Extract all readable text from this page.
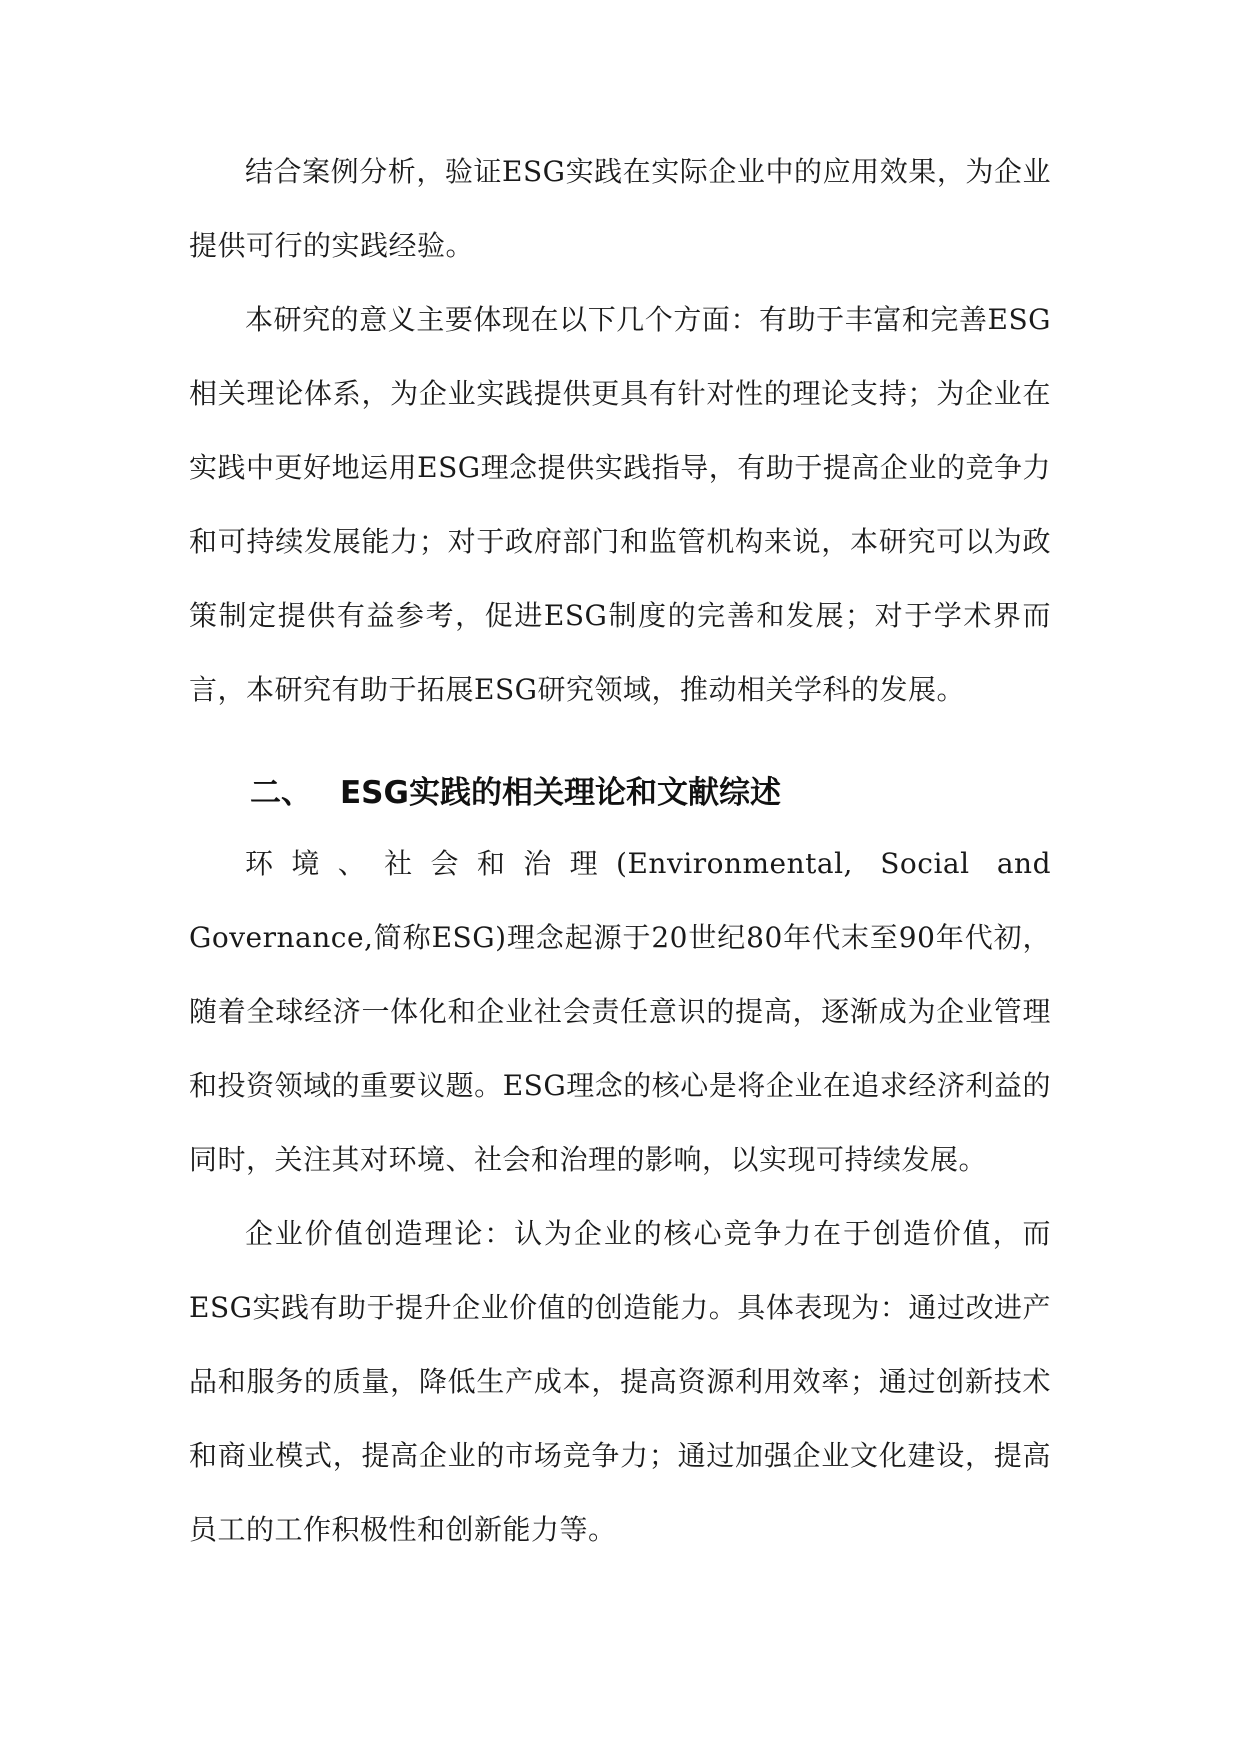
结合案例分析，验证ESG实践在实际企业中的应用效果，为企业提供可行的实践经验。

本研究的意义主要体现在以下几个方面：有助于丰富和完善ESG相关理论体系，为企业实践提供更具有针对性的理论支持；为企业在实践中更好地运用ESG理念提供实践指导，有助于提高企业的竞争力和可持续发展能力；对于政府部门和监管机构来说，本研究可以为政策制定提供有益参考，促进ESG制度的完善和发展；对于学术界而言，本研究有助于拓展ESG研究领域，推动相关学科的发展。

二、 ESG实践的相关理论和文献综述

环境、社会和治理(Environmental, Social and Governance,简称ESG)理念起源于20世纪80年代末至90年代初，随着全球经济一体化和企业社会责任意识的提高，逐渐成为企业管理和投资领域的重要议题。ESG理念的核心是将企业在追求经济利益的同时，关注其对环境、社会和治理的影响，以实现可持续发展。

企业价值创造理论：认为企业的核心竞争力在于创造价值，而ESG实践有助于提升企业价值的创造能力。具体表现为：通过改进产品和服务的质量，降低生产成本，提高资源利用效率；通过创新技术和商业模式，提高企业的市场竞争力；通过加强企业文化建设，提高员工的工作积极性和创新能力等。
